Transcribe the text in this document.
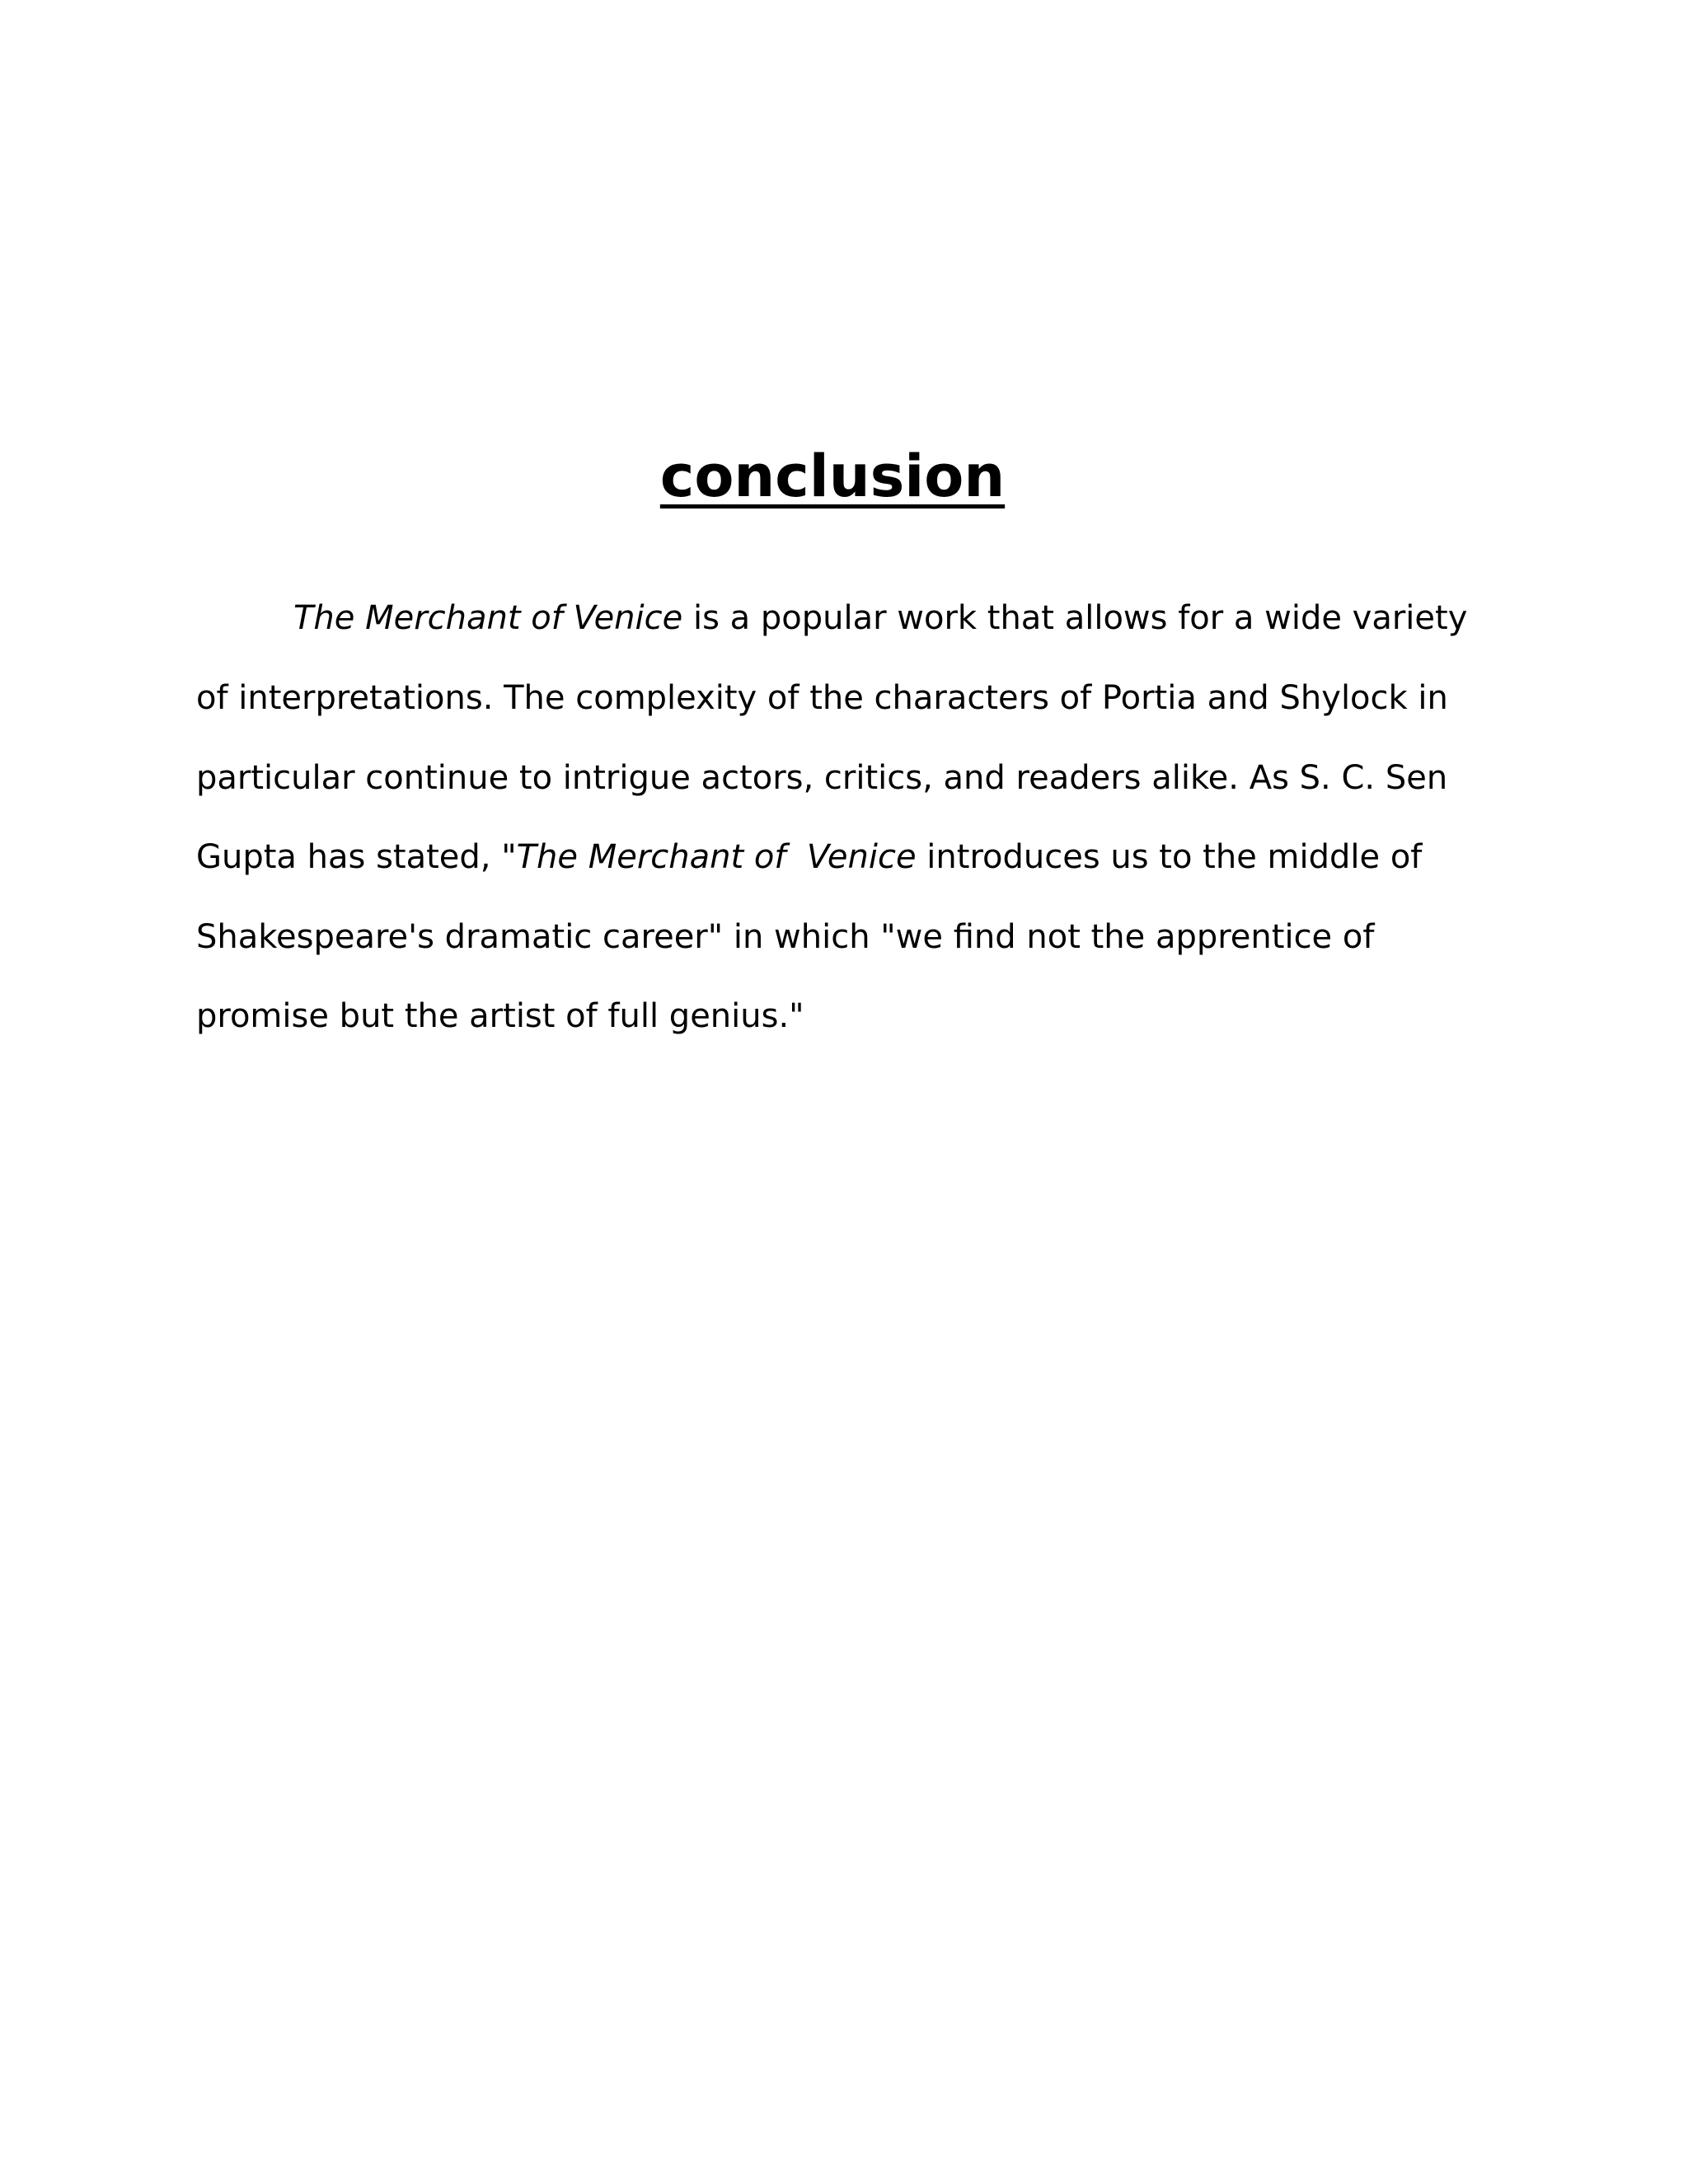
conclusion
The Merchant of Venice is a popular work that allows for a wide variety
of interpretations. The complexity of the characters of Portia and Shylock in
particular continue to intrigue actors, critics, and readers alike. As S. C. Sen
Gupta has stated, "The Merchant of  Venice introduces us to the middle of
Shakespeare's dramatic career" in which "we find not the apprentice of
promise but the artist of full genius."
